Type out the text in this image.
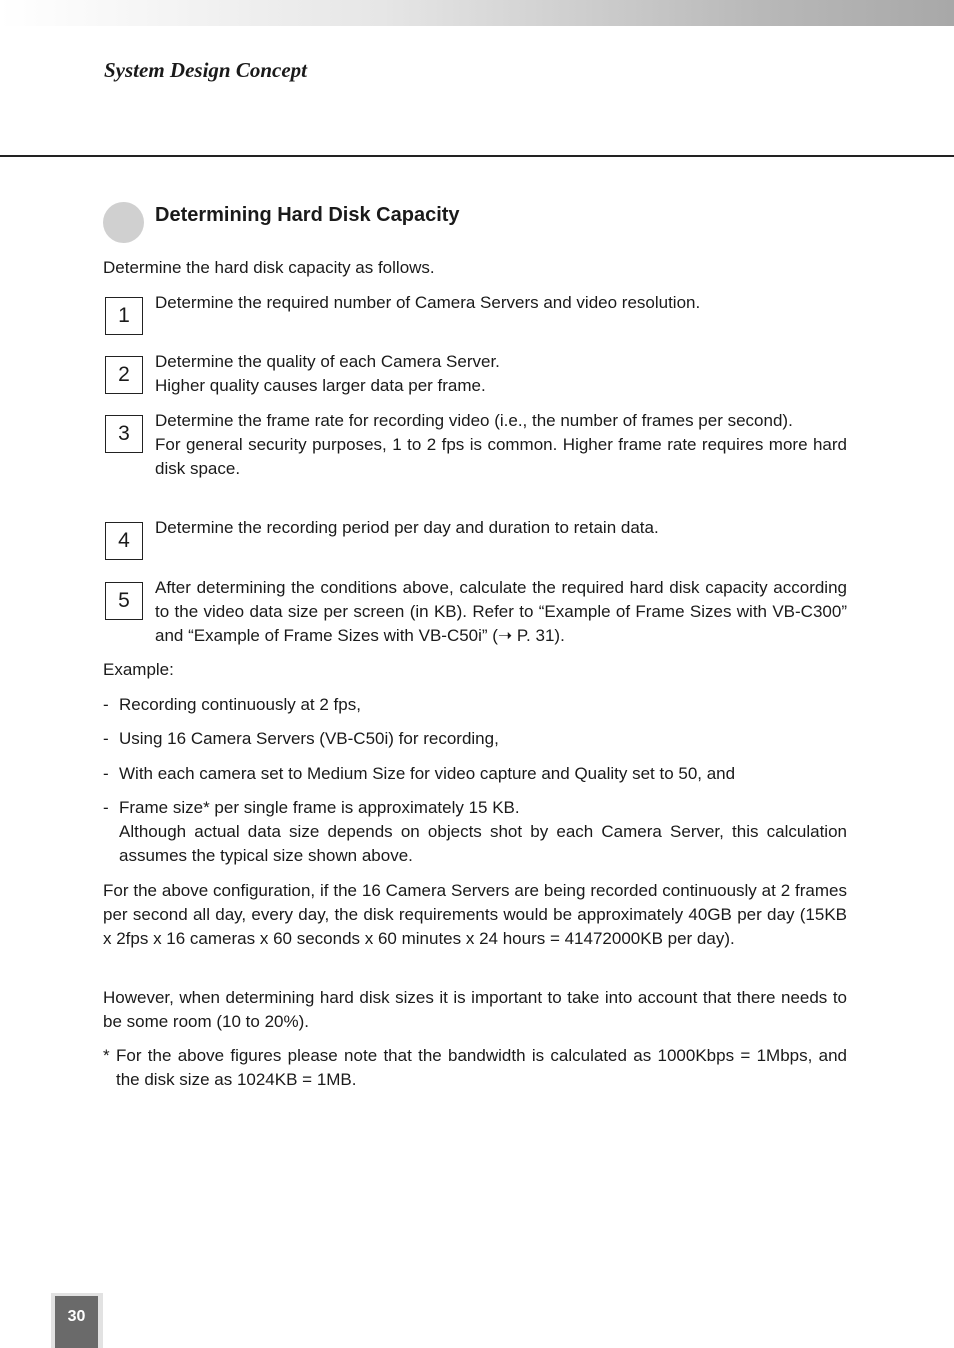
System Design Concept
Determining Hard Disk Capacity
Determine the hard disk capacity as follows.
1
Determine the required number of Camera Servers and video resolution.
2
Determine the quality of each Camera Server.
Higher quality causes larger data per frame.
3
Determine the frame rate for recording video (i.e., the number of frames per second).
For general security purposes, 1 to 2 fps is common. Higher frame rate requires more hard disk space.
4
Determine the recording period per day and duration to retain data.
5
After determining the conditions above, calculate the required hard disk capacity according to the video data size per screen (in KB). Refer to “Example of Frame Sizes with VB-C300” and “Example of Frame Sizes with VB-C50i” (➝ P. 31).
Example:
- Recording continuously at 2 fps,
- Using 16 Camera Servers (VB-C50i) for recording,
- With each camera set to Medium Size for video capture and Quality set to 50, and
- Frame size* per single frame is approximately 15 KB.
Although actual data size depends on objects shot by each Camera Server, this calculation assumes the typical size shown above.
For the above configuration, if the 16 Camera Servers are being recorded continuously at 2 frames per second all day, every day, the disk requirements would be approximately 40GB per day (15KB x 2fps x 16 cameras x 60 seconds x 60 minutes x 24 hours = 41472000KB per day).
However, when determining hard disk sizes it is important to take into account that there needs to be some room (10 to 20%).
* For the above figures please note that the bandwidth is calculated as 1000Kbps = 1Mbps, and the disk size as 1024KB = 1MB.
30
